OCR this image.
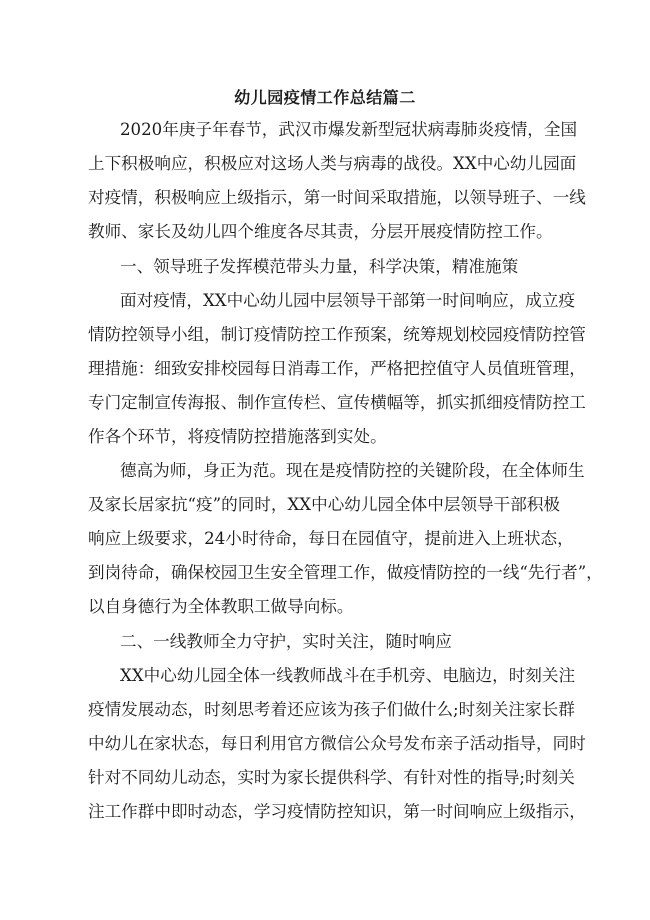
幼儿园疫情工作总结篇二

2020年庚子年春节，武汉市爆发新型冠状病毒肺炎疫情，全国

上下积极响应，积极应对这场人类与病毒的战役。XX中心幼儿园面

对疫情，积极响应上级指示，第一时间采取措施，以领导班子、一线

教师、家长及幼儿四个维度各尽其责，分层开展疫情防控工作。

一、领导班子发挥模范带头力量，科学决策，精准施策

面对疫情，XX中心幼儿园中层领导干部第一时间响应，成立疫

情防控领导小组，制订疫情防控工作预案，统筹规划校园疫情防控管

理措施：细致安排校园每日消毒工作，严格把控值守人员值班管理，

专门定制宣传海报、制作宣传栏、宣传横幅等，抓实抓细疫情防控工

作各个环节，将疫情防控措施落到实处。

德高为师，身正为范。现在是疫情防控的关键阶段，在全体师生

及家长居家抗“疫”的同时，XX中心幼儿园全体中层领导干部积极

响应上级要求，24小时待命，每日在园值守，提前进入上班状态，

到岗待命，确保校园卫生安全管理工作，做疫情防控的一线“先行者”，

以自身德行为全体教职工做导向标。

二、一线教师全力守护，实时关注，随时响应

XX中心幼儿园全体一线教师战斗在手机旁、电脑边，时刻关注

疫情发展动态，时刻思考着还应该为孩子们做什么;时刻关注家长群

中幼儿在家状态，每日利用官方微信公众号发布亲子活动指导，同时

针对不同幼儿动态，实时为家长提供科学、有针对性的指导;时刻关

注工作群中即时动态，学习疫情防控知识，第一时间响应上级指示，
